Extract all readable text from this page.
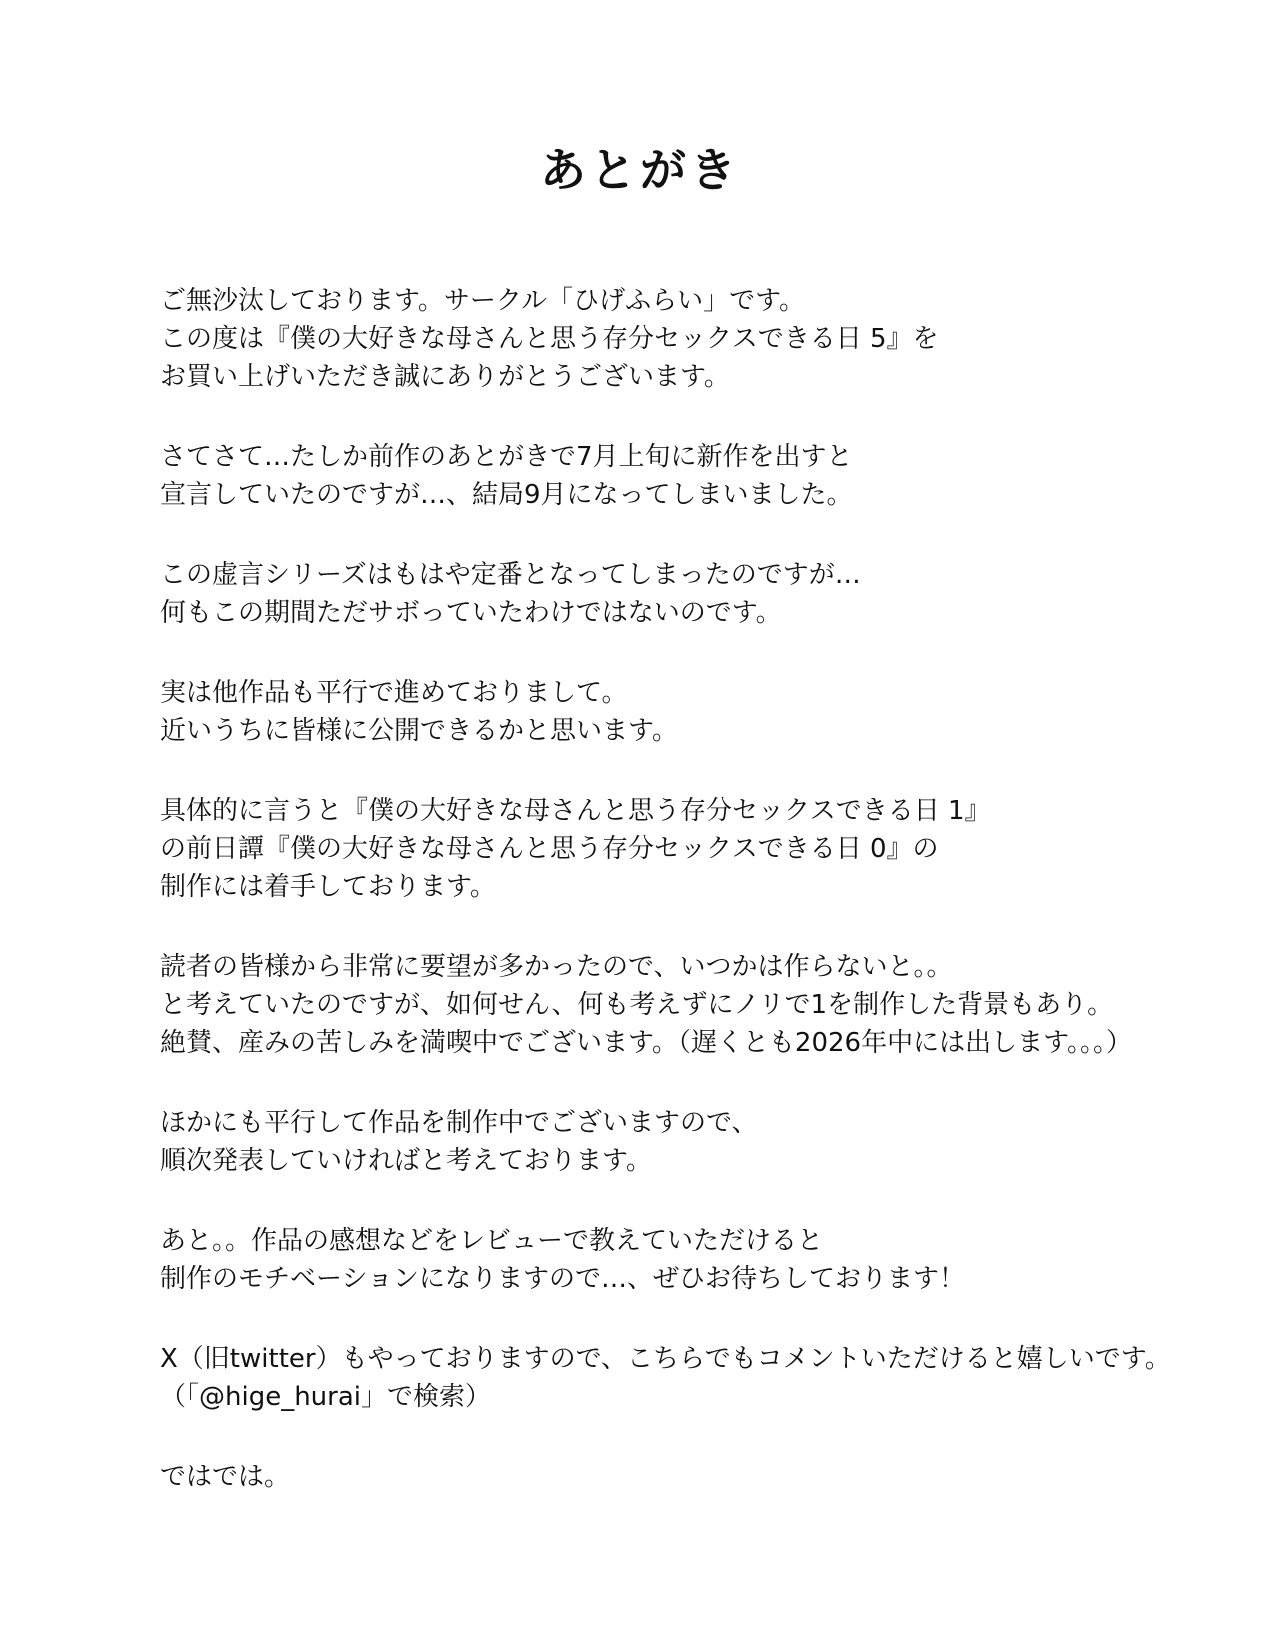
あとがき
ご無沙汰しております。サークル「ひげふらい」です。
この度は『僕の大好きな母さんと思う存分セックスできる日 5』を
お買い上げいただき誠にありがとうございます。
さてさて…たしか前作のあとがきで7月上旬に新作を出すと
宣言していたのですが…、結局9月になってしまいました。
この虚言シリーズはもはや定番となってしまったのですが…
何もこの期間ただサボっていたわけではないのです。
実は他作品も平行で進めておりまして。
近いうちに皆様に公開できるかと思います。
具体的に言うと『僕の大好きな母さんと思う存分セックスできる日 1』
の前日譚『僕の大好きな母さんと思う存分セックスできる日 0』の
制作には着手しております。
読者の皆様から非常に要望が多かったので、いつかは作らないと。。
と考えていたのですが、如何せん、何も考えずにノリで1を制作した背景もあり。
絶賛、産みの苦しみを満喫中でございます。（遅くとも2026年中には出します。。。）
ほかにも平行して作品を制作中でございますので、
順次発表していければと考えております。
あと。。作品の感想などをレビューで教えていただけると
制作のモチベーションになりますので…、ぜひお待ちしております！
X（旧twitter）もやっておりますので、こちらでもコメントいただけると嬉しいです。
（「@hige_hurai」で検索）
ではでは。
